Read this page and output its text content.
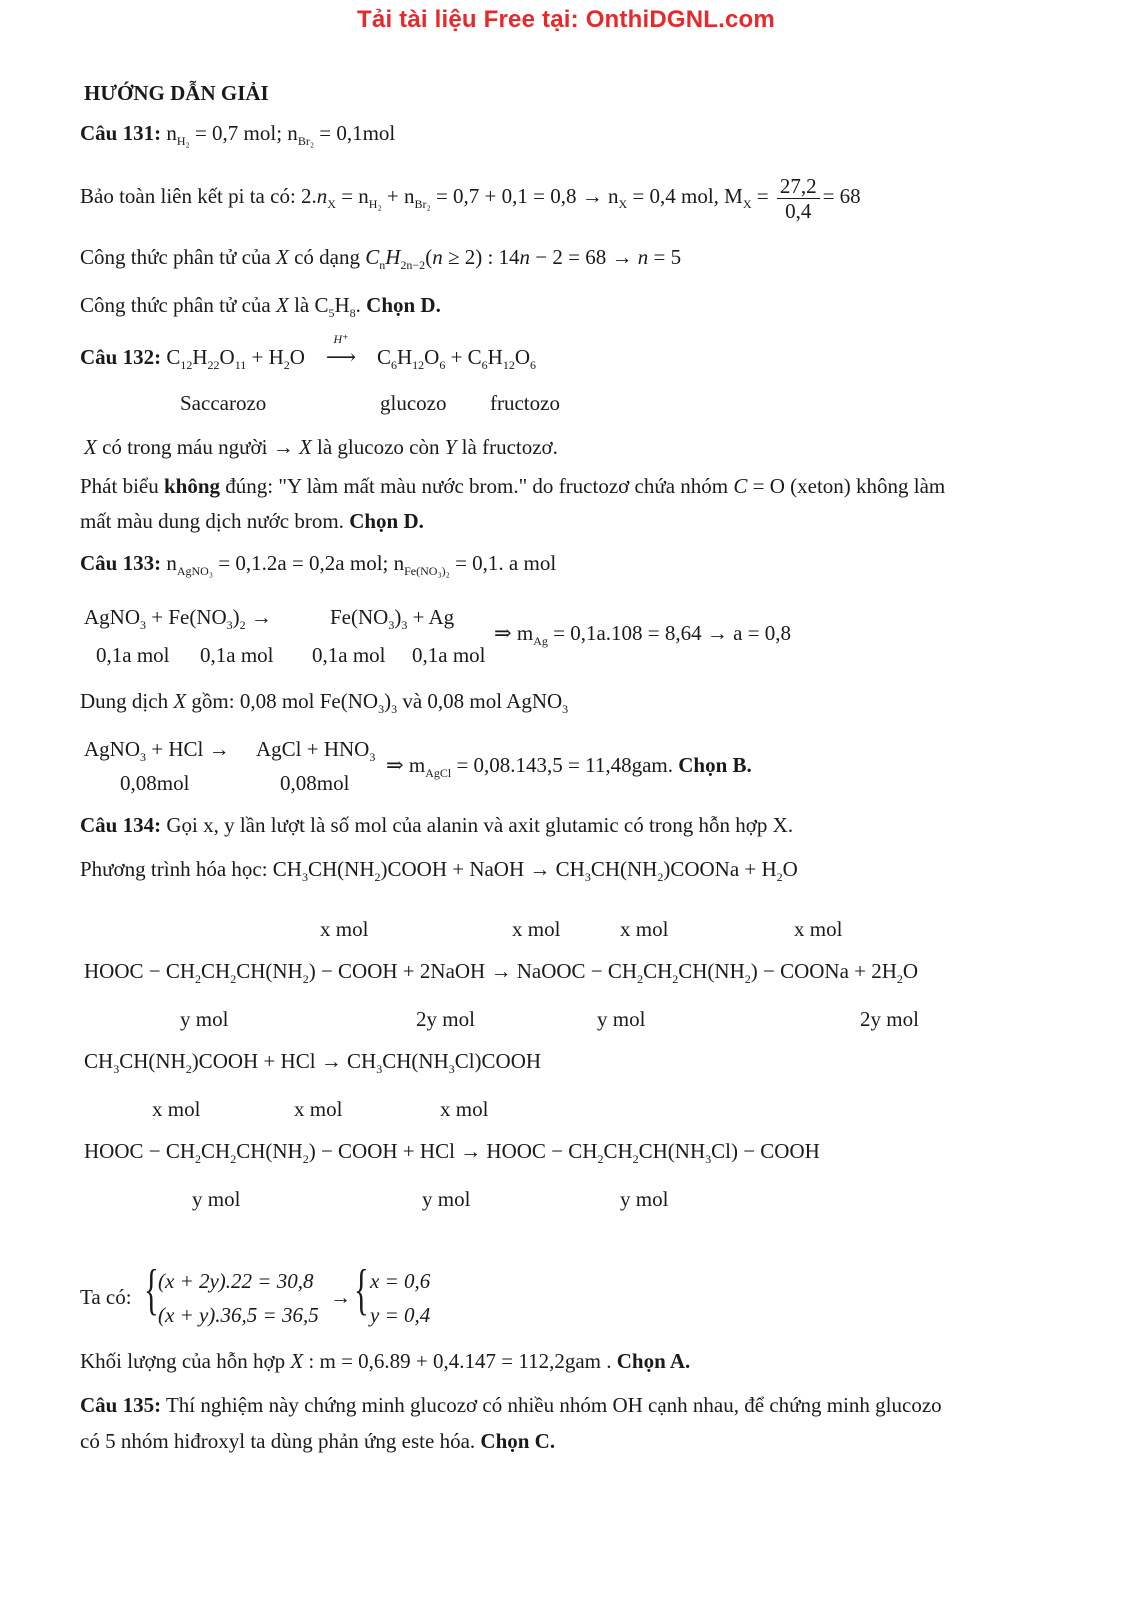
Tải tài liệu Free tại: OnthiDGNL.com
HƯỚNG DẪN GIẢI
Câu 131: $n_{H_2} = 0,7$ mol; $n_{Br_2} = 0,1mol$
Bảo toàn liên kết pi ta có: $2.n_X = n_{H_2} + n_{Br_2} = 0,7 + 0,1 = 0,8 \to n_X = 0,4$ mol, $M_X = \frac{27,2}{0,4} = 68$
Công thức phân tử của X có dạng $C_nH_{2n-2}(n \ge 2)$ : 14n − 2 = 68 → n = 5
Công thức phân tử của X là $C_5H_8$. Chọn D.
Câu 132: $C_{12}H_{22}O_{11} + H_2O$
H⁺
⟶ $C_6H_{12}O_6 + C_6H_{12}O_6$
Saccarozo	glucozo fructozo
X có trong máu người → X là glucozo còn Y là fructozơ.
Phát biểu không đúng: "Y làm mất màu nước brom." do fructozơ chứa nhóm C = O (xeton) không làm
mất màu dung dịch nước brom. Chọn D.
Câu 133: $n_{AgNO_3} = 0,1.2a = 0,2a$ mol; $n_{Fe(NO_3)_2} = 0,1$. a mol
AgNO$_3$ + $Fe(NO_3)_2$ →	$Fe(NO_3)_3 + Ag$
⇒ $m_{Ag} = 0,1a.108 = 8,64 \to a = 0,8$
0,1a mol 0,1a mol 0,1a mol 0,1a mol
Dung dịch X gồm: 0,08 mol $Fe(NO_3)_3$ và 0,08 mol AgNO$_3$
AgNO$_3$ + HCl → AgCl + $HNO_3$ ⇒ $m_{AgCl} = 0,08.143,5 = 11,48gam$. Chọn B.
0,08mol	0,08mol
Câu 134: Gọi x, y lần lượt là số mol của alanin và axit glutamic có trong hỗn hợp X.
Phương trình hóa học: $CH_3CH(NH_2)COOH$ + NaOH → $CH_3CH(NH_2)COONa + H_2O$
x mol	x mol	x mol	x mol
HOOC − $CH_2CH_2CH(NH_2)$ − COOH + 2NaOH → NaOOC − $CH_2CH_2CH(NH_2)$ − COONa + $2H_2O$
y mol	2y mol	y mol	2y mol
$CH_3CH(NH_2)COOH$ + HCl → $CH_3CH(NH_3Cl)COOH$
x mol	x mol	x mol
HOOC − $CH_2CH_2CH(NH_2)$ − COOH + HCl → HOOC − $CH_2CH_2CH(NH_3Cl)$ − COOH
y mol	y mol	y mol
Ta có: { (x + 2y).22 = 30,8
(x + y).36,5 = 36,5
→ { x = 0,6
y = 0,4
Khối lượng của hỗn hợp X : m = 0,6.89 + 0,4.147 = 112,2gam . Chọn A.
Câu 135: Thí nghiệm này chứng minh glucozơ có nhiều nhóm OH cạnh nhau, để chứng minh glucozo
có 5 nhóm hiđroxyl ta dùng phản ứng este hóa. Chọn C.
